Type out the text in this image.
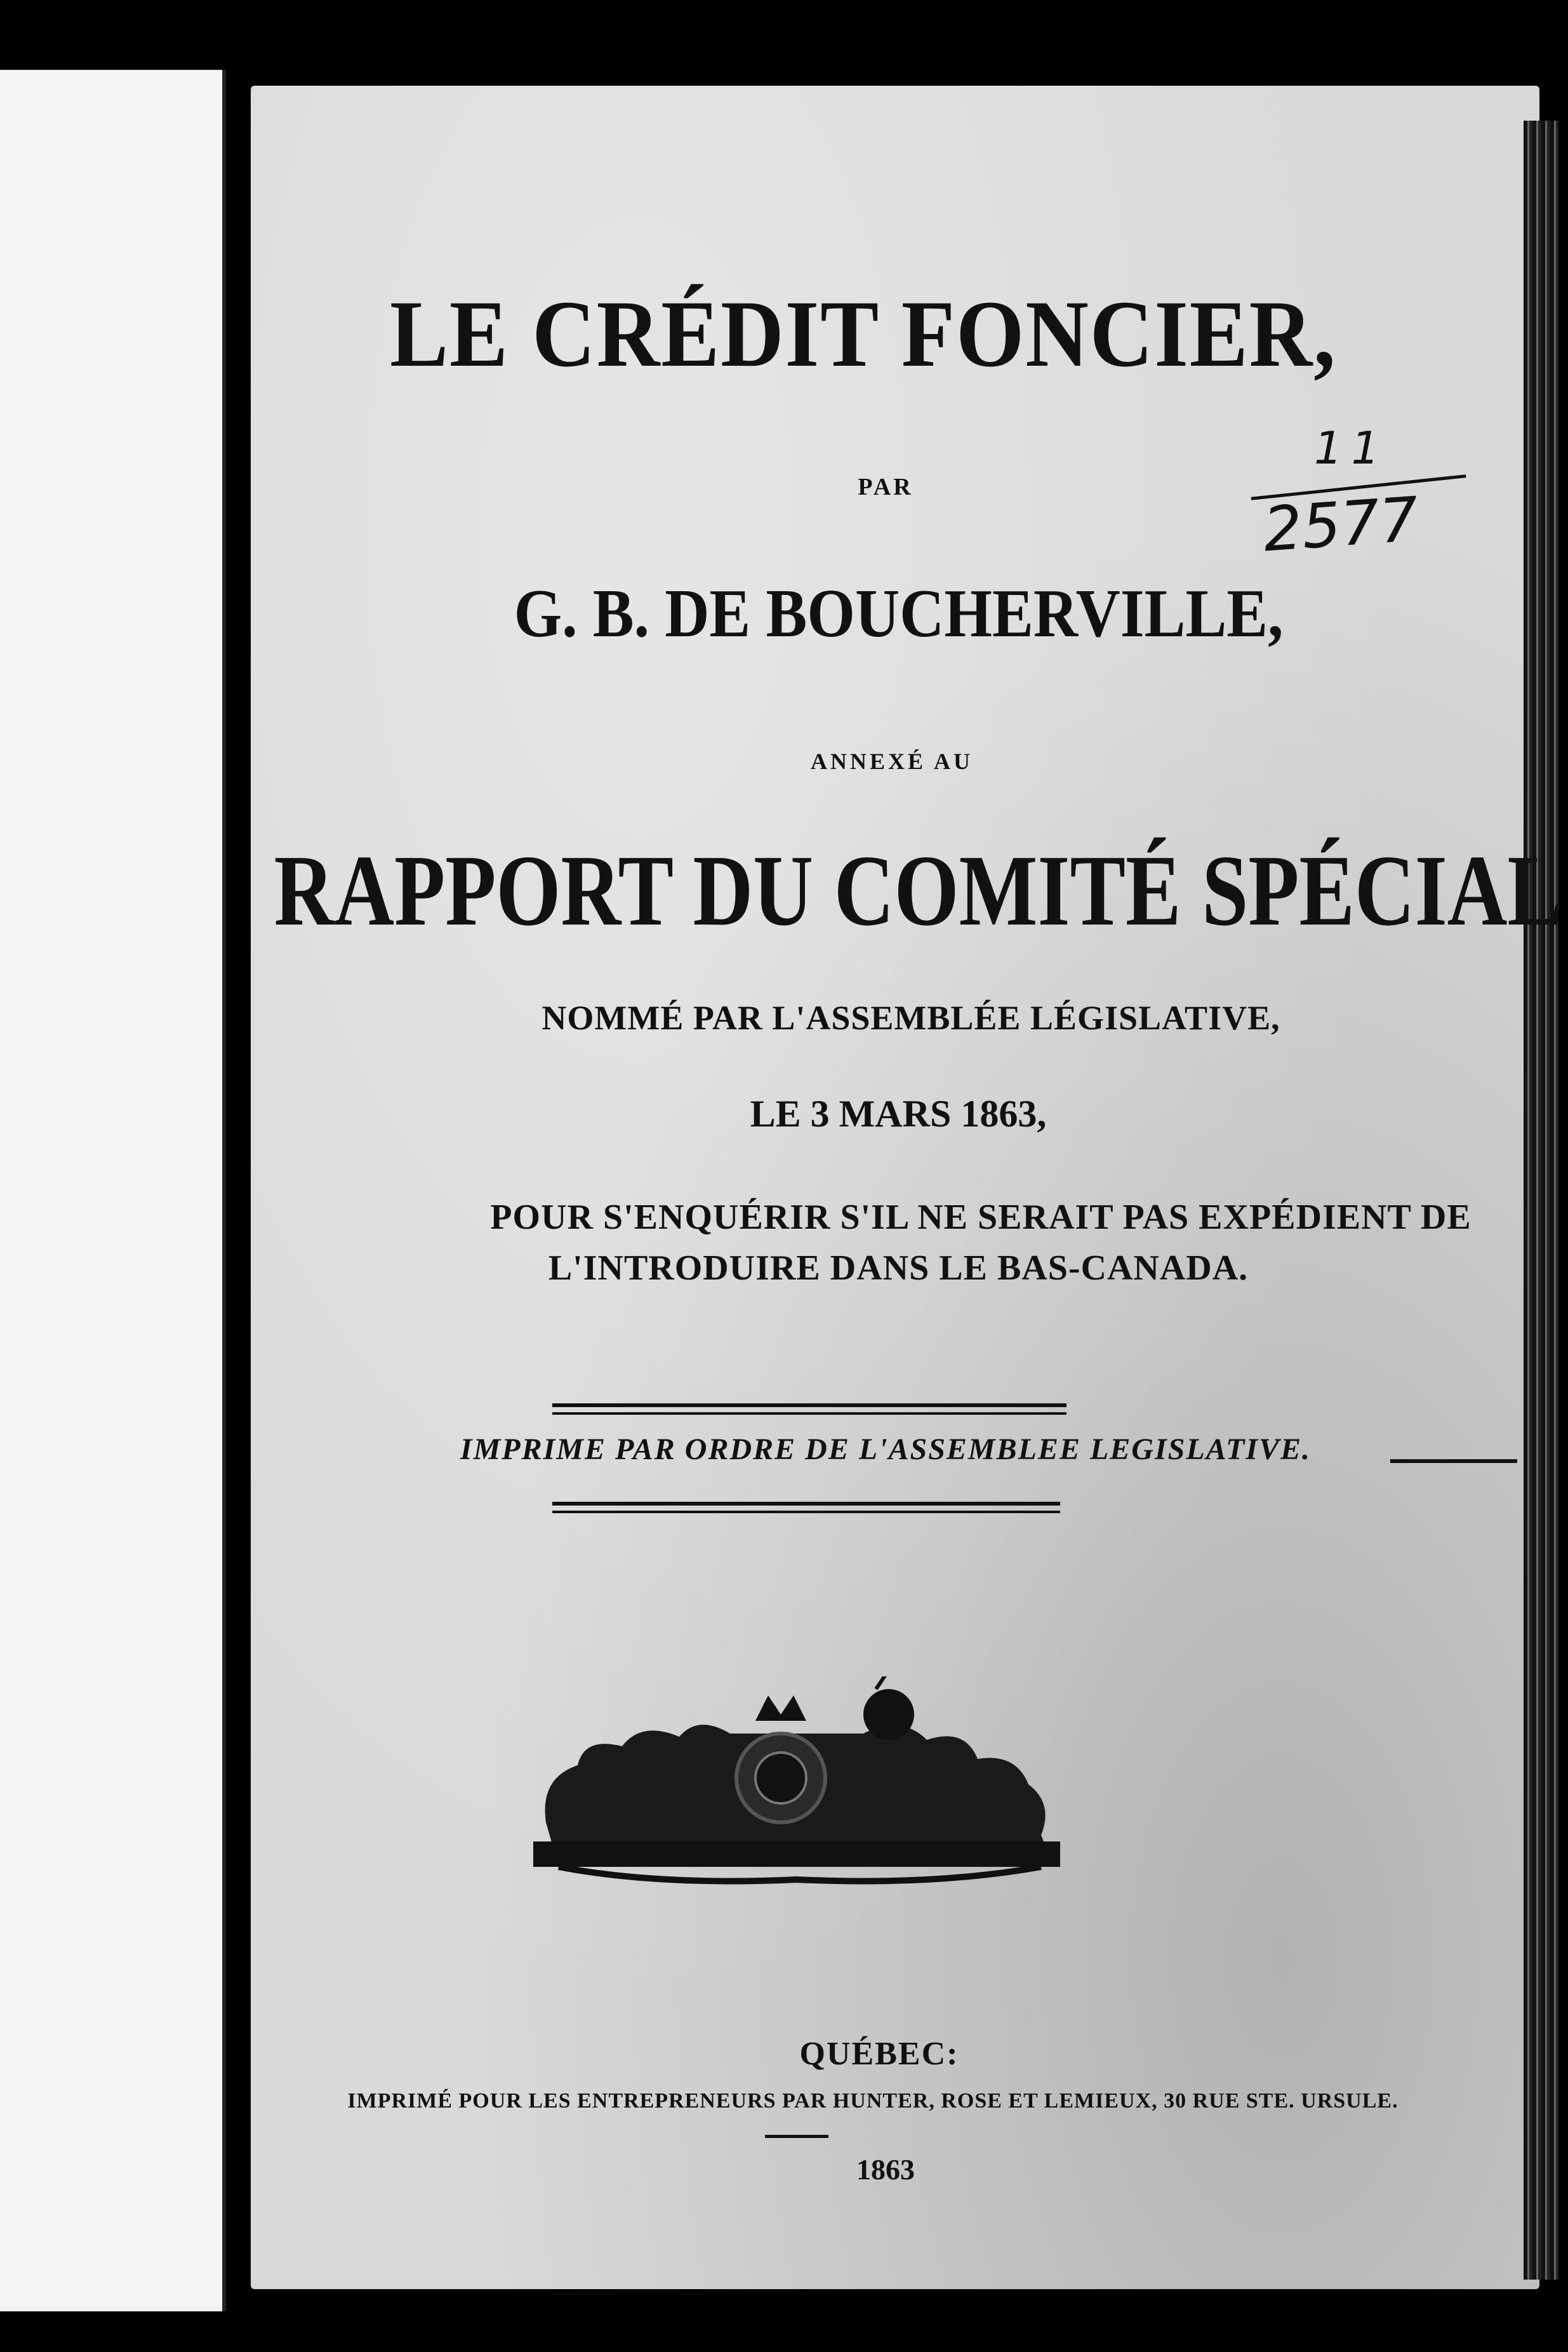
LE CRÉDIT FONCIER,
PAR
G. B. DE BOUCHERVILLE,
ANNEXÉ AU
RAPPORT DU COMITÉ SPÉCIAL
NOMMÉ PAR L'ASSEMBLÉE LÉGISLATIVE,
LE 3 MARS 1863,
POUR S'ENQUÉRIR S'IL NE SERAIT PAS EXPÉDIENT DE
L'INTRODUIRE DANS LE BAS-CANADA.
IMPRIME PAR ORDRE DE L'ASSEMBLEE LEGISLATIVE.
11
2577
QUÉBEC:
IMPRIMÉ POUR LES ENTREPRENEURS PAR HUNTER, ROSE ET LEMIEUX, 30 RUE STE. URSULE.
1863
